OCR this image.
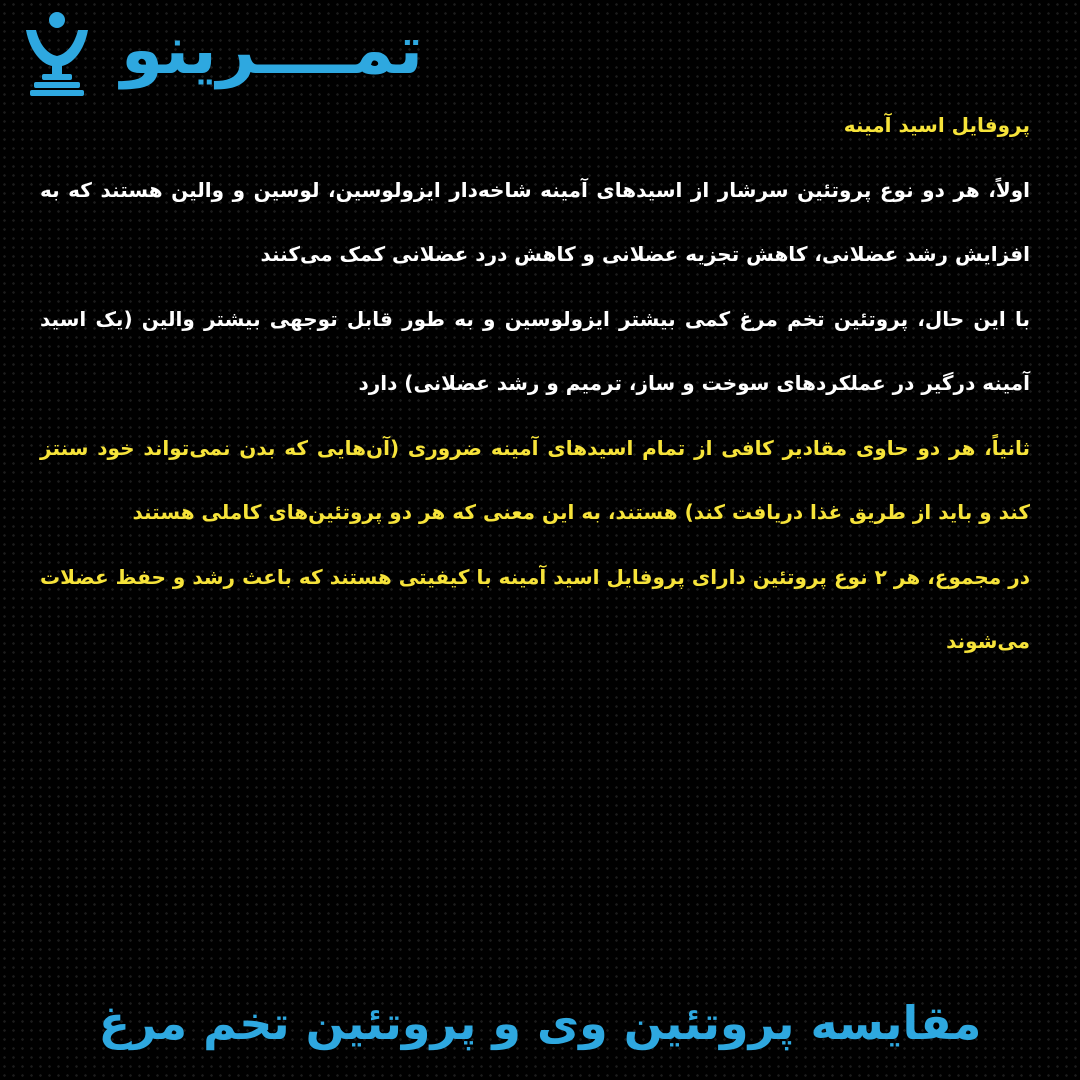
تمــــرینو

پروفایل اسید آمینه

اولاً، هر دو نوع پروتئین سرشار از اسیدهای آمینه شاخه‌دار ایزولوسین، لوسین و والین هستند که به افزایش رشد عضلانی، کاهش تجزیه عضلانی و کاهش درد عضلانی کمک می‌کنند

با این حال، پروتئین تخم مرغ کمی بیشتر ایزولوسین و به طور قابل توجهی بیشتر والین (یک اسید آمینه درگیر در عملکردهای سوخت و ساز، ترمیم و رشد عضلانی) دارد

ثانیاً، هر دو حاوی مقادیر کافی از تمام اسیدهای آمینه ضروری (آن‌هایی که بدن نمی‌تواند خود سنتز کند و باید از طریق غذا دریافت کند) هستند، به این معنی که هر دو پروتئین‌های کاملی هستند

در مجموع، هر ۲ نوع پروتئین دارای پروفایل اسید آمینه با کیفیتی هستند که باعث رشد و حفظ عضلات می‌شوند

مقایسه پروتئین وی و پروتئین تخم مرغ
